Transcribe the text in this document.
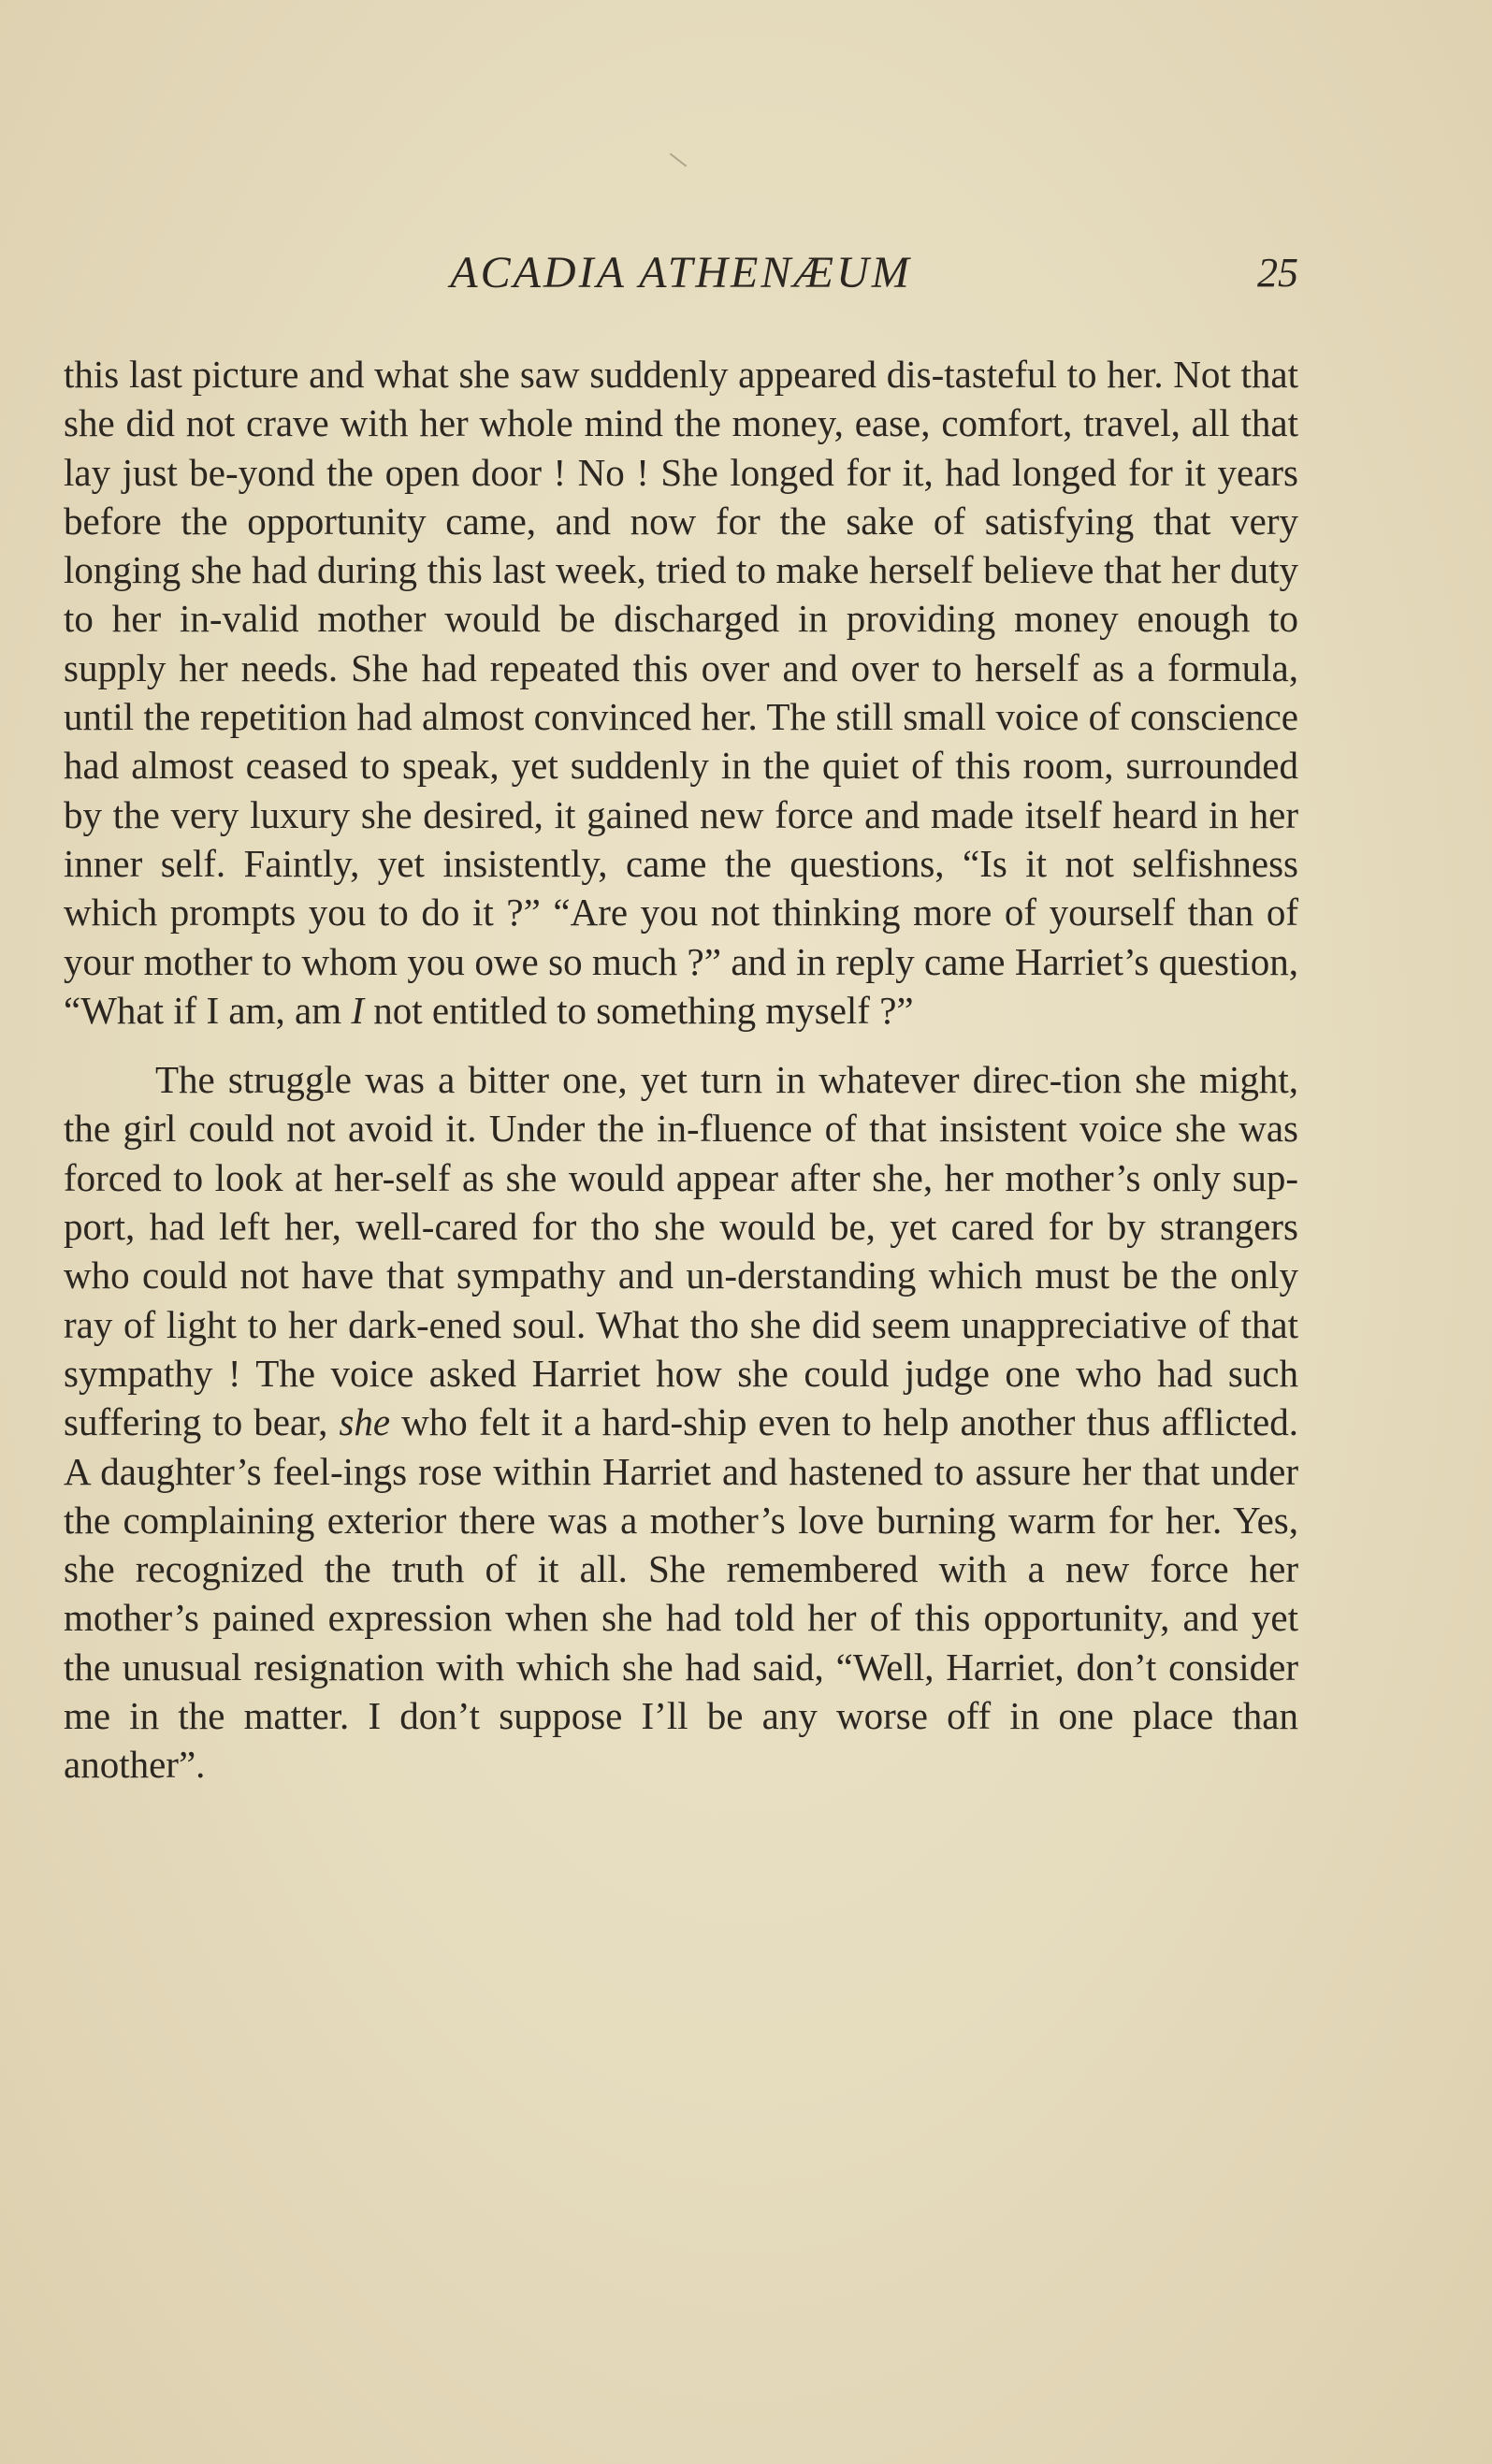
ACADIA ATHENÆUM	25

this last picture and what she saw suddenly appeared dis-tasteful to her. Not that she did not crave with her whole mind the money, ease, comfort, travel, all that lay just be-yond the open door ! No ! She longed for it, had longed for it years before the opportunity came, and now for the sake of satisfying that very longing she had during this last week, tried to make herself believe that her duty to her in-valid mother would be discharged in providing money enough to supply her needs. She had repeated this over and over to herself as a formula, until the repetition had almost convinced her. The still small voice of conscience had almost ceased to speak, yet suddenly in the quiet of this room, surrounded by the very luxury she desired, it gained new force and made itself heard in her inner self. Faintly, yet insistently, came the questions, “Is it not selfishness which prompts you to do it ?” “Are you not thinking more of yourself than of your mother to whom you owe so much ?” and in reply came Harriet’s question, “What if I am, am I not entitled to something myself ?”

The struggle was a bitter one, yet turn in whatever direc-tion she might, the girl could not avoid it. Under the in-fluence of that insistent voice she was forced to look at her-self as she would appear after she, her mother’s only sup-port, had left her, well-cared for tho she would be, yet cared for by strangers who could not have that sympathy and un-derstanding which must be the only ray of light to her dark-ened soul. What tho she did seem unappreciative of that sympathy ! The voice asked Harriet how she could judge one who had such suffering to bear, she who felt it a hard-ship even to help another thus afflicted. A daughter’s feel-ings rose within Harriet and hastened to assure her that under the complaining exterior there was a mother’s love burning warm for her. Yes, she recognized the truth of it all. She remembered with a new force her mother’s pained expression when she had told her of this opportunity, and yet the unusual resignation with which she had said, “Well, Harriet, don’t consider me in the matter. I don’t suppose I’ll be any worse off in one place than another”.
